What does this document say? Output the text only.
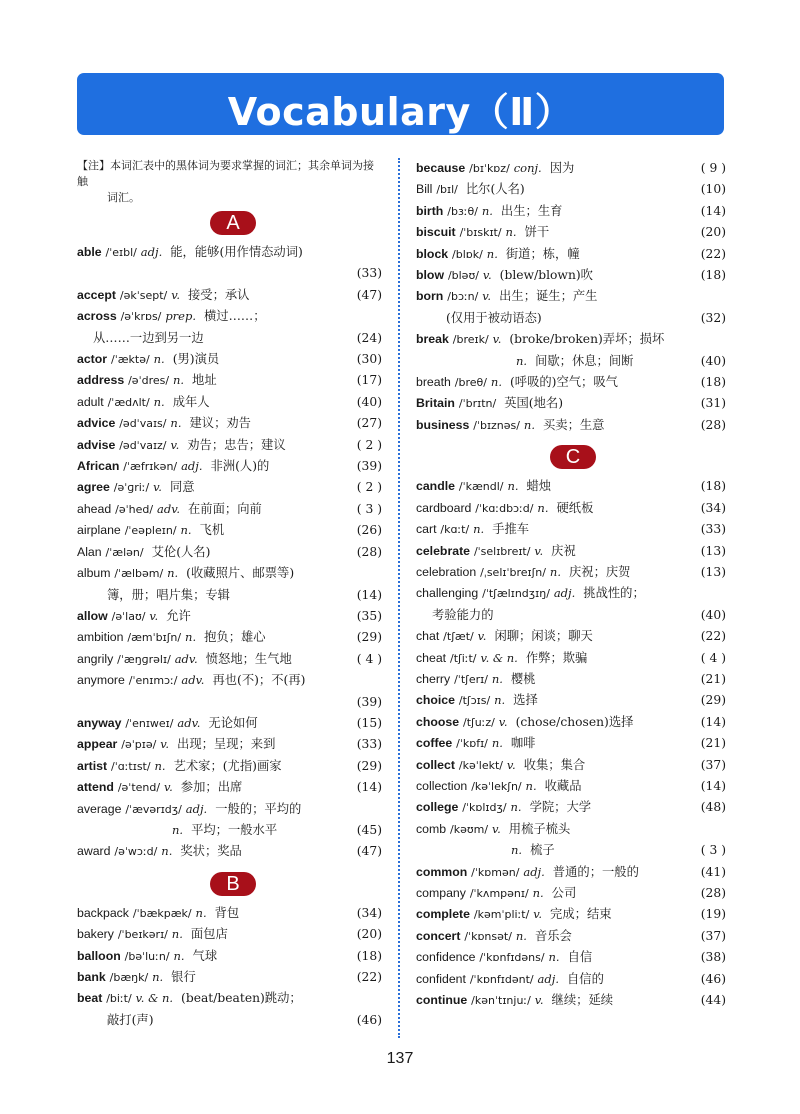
Vocabulary（Ⅱ）
【注】本词汇表中的黑体词为要求掌握的词汇；其余单词为接触
词汇。
A
able /ˈeɪbl/ adj. 能，能够(用作情态动词)

(33)
accept /əkˈsept/ v. 接受；承认	(47)
across /əˈkrɒs/ prep. 横过……；
从……一边到另一边	(24)
actor /ˈæktə/ n. (男)演员	(30)
address /əˈdres/ n. 地址	(17)
adult /ˈædʌlt/ n. 成年人	(40)
advice /ədˈvaɪs/ n. 建议；劝告	(27)
advise /ədˈvaɪz/ v. 劝告；忠告；建议	( 2 )
African /ˈæfrɪkən/ adj. 非洲(人)的	(39)
agree /əˈɡriː/ v. 同意	( 2 )
ahead /əˈhed/ adv. 在前面；向前	( 3 )
airplane /ˈeəpleɪn/ n. 飞机	(26)
Alan /ˈælən/ 艾伦(人名)	(28)
album /ˈælbəm/ n. (收藏照片、邮票等)
簿，册；唱片集；专辑	(14)
allow /əˈlaʊ/ v. 允许	(35)
ambition /æmˈbɪʃn/ n. 抱负；雄心	(29)
angrily /ˈæŋɡrəlɪ/ adv. 愤怒地；生气地	( 4 )
anymore /ˈenɪmɔː/ adv. 再也(不)；不(再)

(39)
anyway /ˈenɪweɪ/ adv. 无论如何	(15)
appear /əˈpɪə/ v. 出现；呈现；来到	(33)
artist /ˈɑːtɪst/ n. 艺术家；(尤指)画家	(29)
attend /əˈtend/ v. 参加；出席	(14)
average /ˈævərɪdʒ/ adj. 一般的；平均的
n. 平均；一般水平	(45)
award /əˈwɔːd/ n. 奖状；奖品	(47)
B
backpack /ˈbækpæk/ n. 背包	(34)
bakery /ˈbeɪkərɪ/ n. 面包店	(20)
balloon /bəˈluːn/ n. 气球	(18)
bank /bæŋk/ n. 银行	(22)
beat /biːt/ v. & n. (beat/beaten)跳动；
敲打(声)	(46)
because /bɪˈkɒz/ conj. 因为	( 9 )
Bill /bɪl/ 比尔(人名)	(10)
birth /bɜːθ/ n. 出生；生育	(14)
biscuit /ˈbɪskɪt/ n. 饼干	(20)
block /blɒk/ n. 街道；栋，幢	(22)
blow /bləʊ/ v. (blew/blown)吹	(18)
born /bɔːn/ v. 出生；诞生；产生
(仅用于被动语态)	(32)
break /breɪk/ v. (broke/broken)弄坏；损坏
n. 间歇；休息；间断	(40)
breath /breθ/ n. (呼吸的)空气；吸气	(18)
Britain /ˈbrɪtn/ 英国(地名)	(31)
business /ˈbɪznəs/ n. 买卖；生意	(28)
C
candle /ˈkændl/ n. 蜡烛	(18)
cardboard /ˈkɑːdbɔːd/ n. 硬纸板	(34)
cart /kɑːt/ n. 手推车	(33)
celebrate /ˈselɪbreɪt/ v. 庆祝	(13)
celebration /ˌselɪˈbreɪʃn/ n. 庆祝；庆贺	(13)
challenging /ˈtʃælɪndʒɪŋ/ adj. 挑战性的；
考验能力的	(40)
chat /tʃæt/ v. 闲聊；闲谈；聊天	(22)
cheat /tʃiːt/ v. & n. 作弊；欺骗	( 4 )
cherry /ˈtʃerɪ/ n. 樱桃	(21)
choice /tʃɔɪs/ n. 选择	(29)
choose /tʃuːz/ v. (chose/chosen)选择	(14)
coffee /ˈkɒfɪ/ n. 咖啡	(21)
collect /kəˈlekt/ v. 收集；集合	(37)
collection /kəˈlekʃn/ n. 收藏品	(14)
college /ˈkɒlɪdʒ/ n. 学院；大学	(48)
comb /kəʊm/ v. 用梳子梳头
n. 梳子	( 3 )
common /ˈkɒmən/ adj. 普通的；一般的	(41)
company /ˈkʌmpənɪ/ n. 公司	(28)
complete /kəmˈpliːt/ v. 完成；结束	(19)
concert /ˈkɒnsət/ n. 音乐会	(37)
confidence /ˈkɒnfɪdəns/ n. 自信	(38)
confident /ˈkɒnfɪdənt/ adj. 自信的	(46)
continue /kənˈtɪnjuː/ v. 继续；延续	(44)
137
